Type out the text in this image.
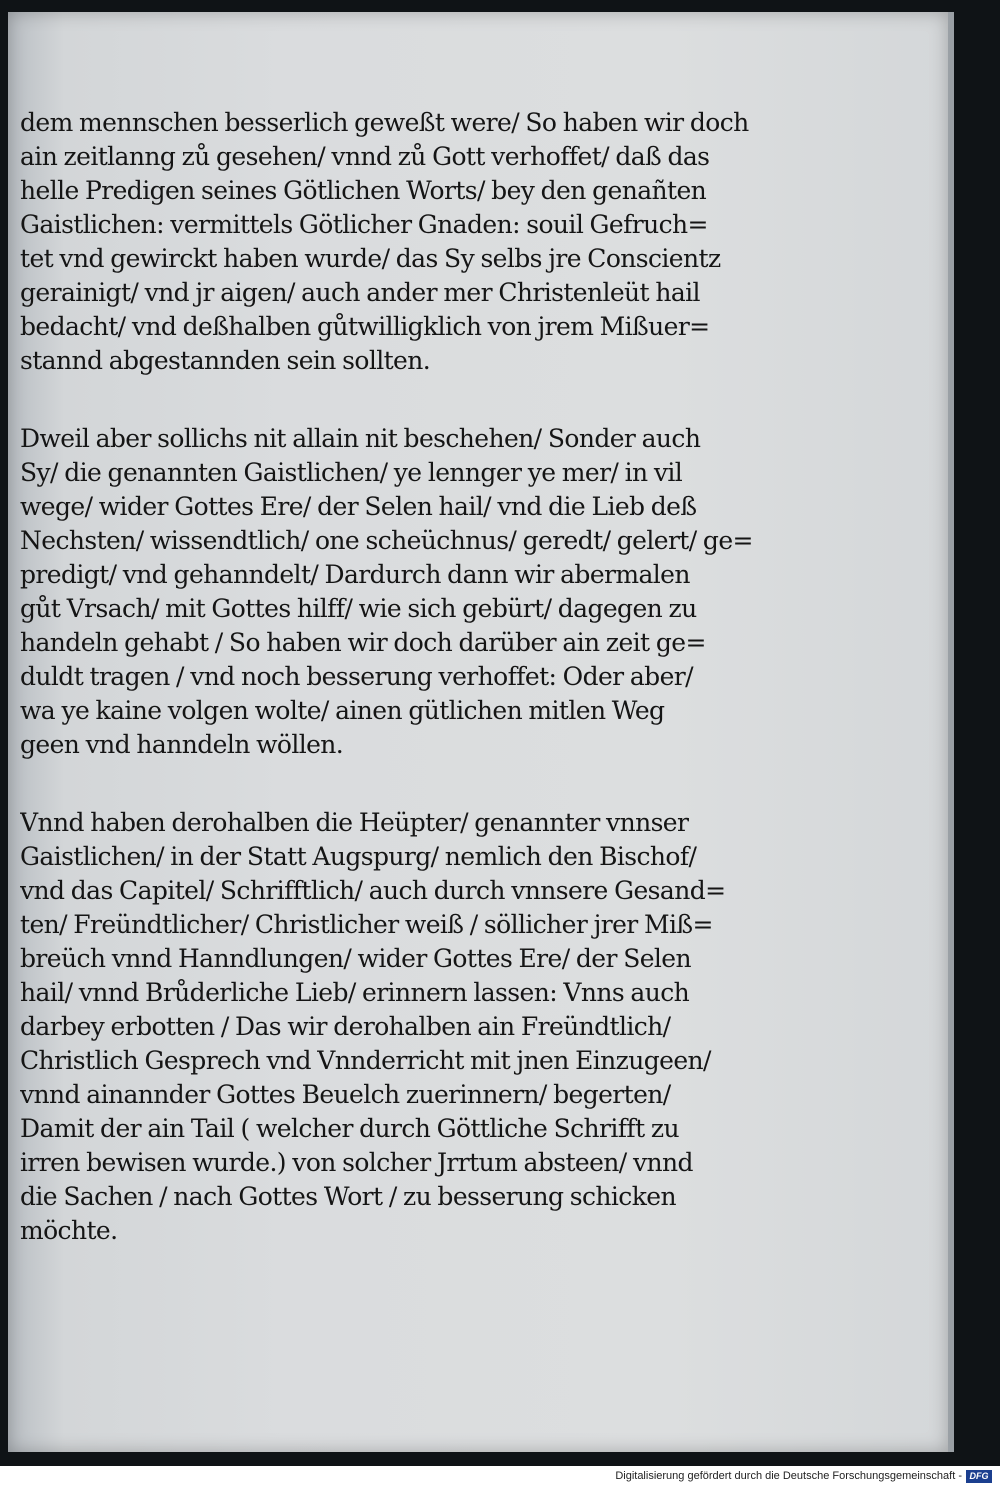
dem mennschen besserlich geweßt were/ So haben wir doch
ain zeitlanng zů gesehen/ vnnd zů Gott verhoffet/ daß das
helle Predigen seines Götlichen Worts/ bey den genañten
Gaistlichen: vermittels Götlicher Gnaden: souil Gefruch=
tet vnd gewirckt haben wurde/ das Sy selbs jre Conscientz
gerainigt/ vnd jr aigen/ auch ander mer Christenleüt hail
bedacht/ vnd deßhalben gůtwilligklich von jrem Mißuer=
stannd abgestannden sein sollten.
Dweil aber sollichs nit allain nit beschehen/ Sonder auch
Sy/ die genannten Gaistlichen/ ye lennger ye mer/ in vil
wege/ wider Gottes Ere/ der Selen hail/ vnd die Lieb deß
Nechsten/ wissendtlich/ one scheüchnus/ geredt/ gelert/ ge=
predigt/ vnd gehanndelt/ Dardurch dann wir abermalen
gůt Vrsach/ mit Gottes hilff/ wie sich gebürt/ dagegen zu
handeln gehabt / So haben wir doch darüber ain zeit ge=
duldt tragen / vnd noch besserung verhoffet: Oder aber/
wa ye kaine volgen wolte/ ainen gütlichen mitlen Weg
geen vnd hanndeln wöllen.
Vnnd haben derohalben die Heüpter/ genannter vnnser
Gaistlichen/ in der Statt Augspurg/ nemlich den Bischof/
vnd das Capitel/ Schrifftlich/ auch durch vnnsere Gesand=
ten/ Freündtlicher/ Christlicher weiß / söllicher jrer Miß=
breüch vnnd Hanndlungen/ wider Gottes Ere/ der Selen
hail/ vnnd Brůderliche Lieb/ erinnern lassen: Vnns auch
darbey erbotten / Das wir derohalben ain Freündtlich/
Christlich Gesprech vnd Vnnderricht mit jnen Einzugeen/
vnnd ainannder Gottes Beuelch zuerinnern/ begerten/
Damit der ain Tail ( welcher durch Göttliche Schrifft zu
irren bewisen wurde.) von solcher Jrrtum absteen/ vnnd
die Sachen / nach Gottes Wort / zu besserung schicken
möchte.
Digitalisierung gefördert durch die Deutsche Forschungsgemeinschaft - DFG
